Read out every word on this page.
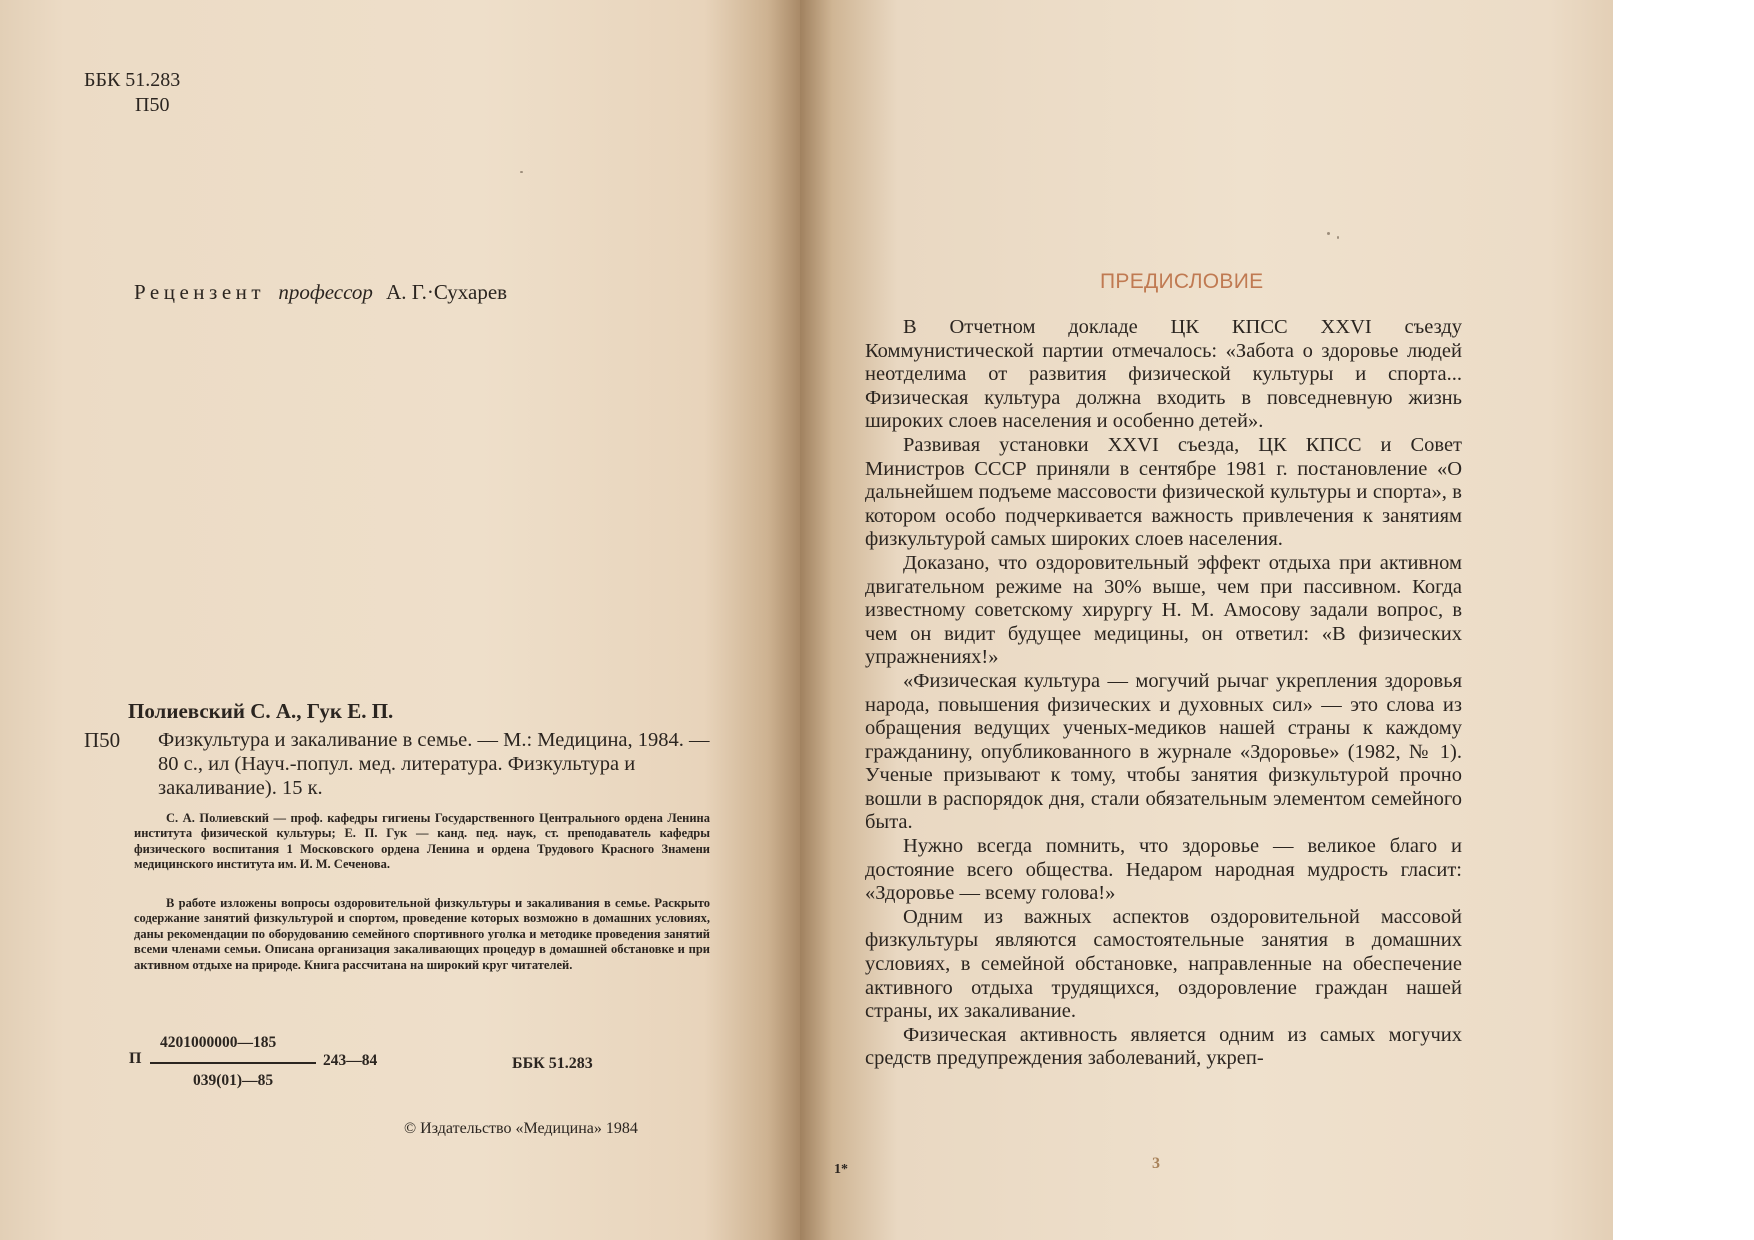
ББК 51.283
П50
Рецензент профессор А. Г.·Сухарев
Полиевский С. А., Гук Е. П.
П50 Физкультура и закаливание в семье. — М.: Медицина, 1984. — 80 с., ил (Науч.-попул. мед. литература. Физкультура и закаливание). 15 к.

С. А. Полиевский — проф. кафедры гигиены Государственного Центрального ордена Ленина института физической культуры; Е. П. Гук — канд. пед. наук, ст. преподаватель кафедры физического воспитания 1 Московского ордена Ленина и ордена Трудового Красного Знамени медицинского института им. И. М. Сеченова.

В работе изложены вопросы оздоровительной физкультуры и закаливания в семье. Раскрыто содержание занятий физкультурой и спортом, проведение которых возможно в домашних условиях, даны рекомендации по оборудованию семейного спортивного уголка и методике проведения занятий всеми членами семьи. Описана организация закаливающих процедур в домашней обстановке и при активном отдыхе на природе. Книга рассчитана на широкий круг читателей.

П
4201000000—185
039(01)—85
243—84	ББК 51.283
© Издательство «Медицина» 1984
ПРЕДИСЛОВИЕ

В Отчетном докладе ЦК КПСС XXVI съезду Коммунистической партии отмечалось: «Забота о здоровье людей неотделима от развития физической культуры и спорта... Физическая культура должна входить в повседневную жизнь широких слоев населения и особенно детей».

Развивая установки XXVI съезда, ЦК КПСС и Совет Министров СССР приняли в сентябре 1981 г. постановление «О дальнейшем подъеме массовости физической культуры и спорта», в котором особо подчеркивается важность привлечения к занятиям физкультурой самых широких слоев населения.

Доказано, что оздоровительный эффект отдыха при активном двигательном режиме на 30% выше, чем при пассивном. Когда известному советскому хирургу Н. М. Амосову задали вопрос, в чем он видит будущее медицины, он ответил: «В физических упражнениях!»

«Физическая культура — могучий рычаг укрепления здоровья народа, повышения физических и духовных сил» — это слова из обращения ведущих ученых-медиков нашей страны к каждому гражданину, опубликованного в журнале «Здоровье» (1982, № 1). Ученые призывают к тому, чтобы занятия физкультурой прочно вошли в распорядок дня, стали обязательным элементом семейного быта.

Нужно всегда помнить, что здоровье — великое благо и достояние всего общества. Недаром народная мудрость гласит: «Здоровье — всему голова!»

Одним из важных аспектов оздоровительной массовой физкультуры являются самостоятельные занятия в домашних условиях, в семейной обстановке, направленные на обеспечение активного отдыха трудящихся, оздоровление граждан нашей страны, их закаливание.

Физическая активность является одним из самых могучих средств предупреждения заболеваний, укреп-

1*	3
